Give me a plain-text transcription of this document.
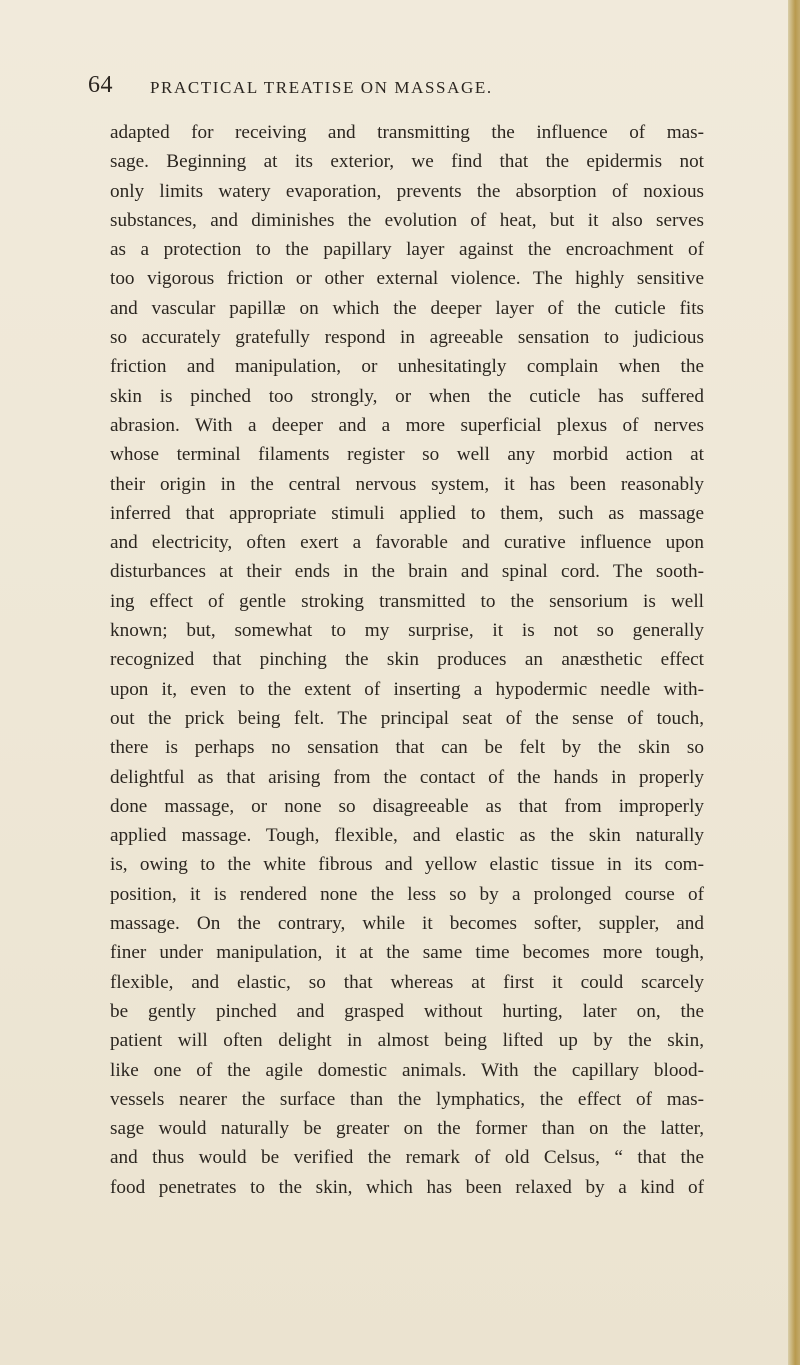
64 PRACTICAL TREATISE ON MASSAGE.
adapted for receiving and transmitting the influence of mas-
sage. Beginning at its exterior, we find that the epidermis not
only limits watery evaporation, prevents the absorption of noxious
substances, and diminishes the evolution of heat, but it also serves
as a protection to the papillary layer against the encroachment of
too vigorous friction or other external violence. The highly sensitive
and vascular papillæ on which the deeper layer of the cuticle fits
so accurately gratefully respond in agreeable sensation to judicious
friction and manipulation, or unhesitatingly complain when the
skin is pinched too strongly, or when the cuticle has suffered
abrasion. With a deeper and a more superficial plexus of nerves
whose terminal filaments register so well any morbid action at
their origin in the central nervous system, it has been reasonably
inferred that appropriate stimuli applied to them, such as massage
and electricity, often exert a favorable and curative influence upon
disturbances at their ends in the brain and spinal cord. The sooth-
ing effect of gentle stroking transmitted to the sensorium is well
known; but, somewhat to my surprise, it is not so generally
recognized that pinching the skin produces an anæsthetic effect
upon it, even to the extent of inserting a hypodermic needle with-
out the prick being felt. The principal seat of the sense of touch,
there is perhaps no sensation that can be felt by the skin so
delightful as that arising from the contact of the hands in properly
done massage, or none so disagreeable as that from improperly
applied massage. Tough, flexible, and elastic as the skin naturally
is, owing to the white fibrous and yellow elastic tissue in its com-
position, it is rendered none the less so by a prolonged course of
massage. On the contrary, while it becomes softer, suppler, and
finer under manipulation, it at the same time becomes more tough,
flexible, and elastic, so that whereas at first it could scarcely
be gently pinched and grasped without hurting, later on, the
patient will often delight in almost being lifted up by the skin,
like one of the agile domestic animals. With the capillary blood-
vessels nearer the surface than the lymphatics, the effect of mas-
sage would naturally be greater on the former than on the latter,
and thus would be verified the remark of old Celsus, “ that the
food penetrates to the skin, which has been relaxed by a kind of
